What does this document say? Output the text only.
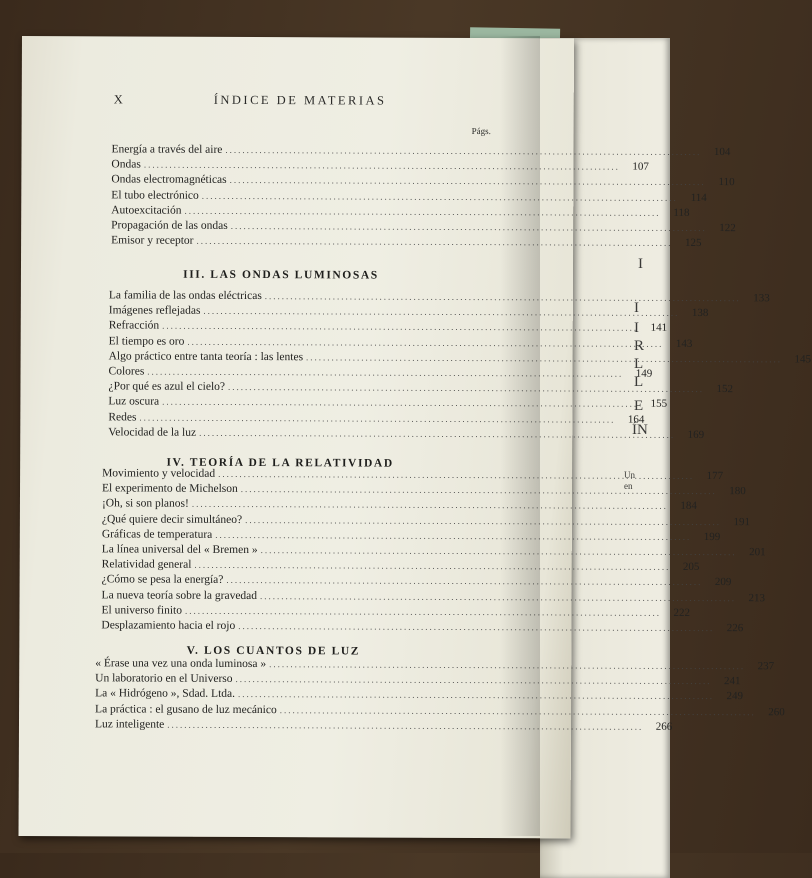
I
I
I
R
L
L
E
ÍN
Un
en
X	ÍNDICE DE MATERIAS
Págs.
Energía a través del aire .....	104
Ondas .....	107
Ondas electromagnéticas .....	110
El tubo electrónico .....	114
Autoexcitación .....	118
Propagación de las ondas .....	122
Emisor y receptor .....	125
III. LAS ONDAS LUMINOSAS
La familia de las ondas eléctricas .....	133
Imágenes reflejadas .....	138
Refracción .....	141
El tiempo es oro .....	143
Algo práctico entre tanta teoría : las lentes .....	145
Colores .....	149
¿Por qué es azul el cielo? .....	152
Luz oscura .....	155
Redes .....	164
Velocidad de la luz .....	169
IV. TEORÍA DE LA RELATIVIDAD
Movimiento y velocidad .....	177
El experimento de Michelson .....	180
¡Oh, si son planos! .....	184
¿Qué quiere decir simultáneo? .....	191
Gráficas de temperatura .....	199
La línea universal del « Bremen » .....	201
Relatividad general .....	205
¿Cómo se pesa la energía? .....	209
La nueva teoría sobre la gravedad .....	213
El universo finito .....	222
Desplazamiento hacia el rojo .....	226
V. LOS CUANTOS DE LUZ
« Érase una vez una onda luminosa » .....	237
Un laboratorio en el Universo .....	241
La « Hidrógeno », Sdad. Ltda. .....	249
La práctica : el gusano de luz mecánico .....	260
Luz inteligente .....	266
